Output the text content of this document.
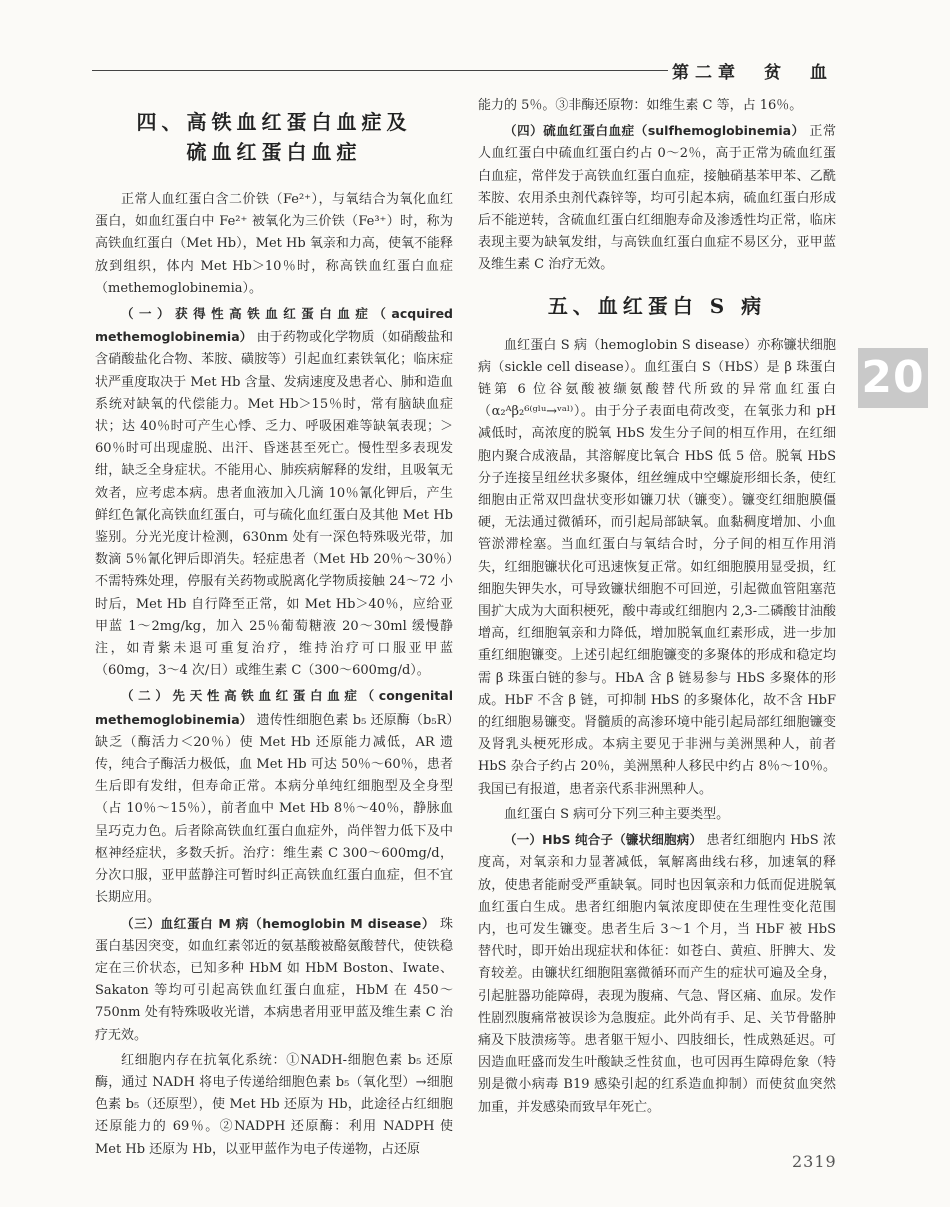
第二章　贫　血
20
四、高铁血红蛋白血症及
硫血红蛋白血症

正常人血红蛋白含二价铁（Fe²⁺），与氧结合为氧化血红蛋白，如血红蛋白中 Fe²⁺ 被氧化为三价铁（Fe³⁺）时，称为高铁血红蛋白（Met Hb），Met Hb 氧亲和力高，使氧不能释放到组织，体内 Met Hb＞10％时，称高铁血红蛋白血症（methemoglobinemia）。

（一）获得性高铁血红蛋白血症（acquired methemoglobinemia） 由于药物或化学物质（如硝酸盐和含硝酸盐化合物、苯胺、磺胺等）引起血红素铁氧化；临床症状严重度取决于 Met Hb 含量、发病速度及患者心、肺和造血系统对缺氧的代偿能力。Met Hb＞15％时，常有脑缺血症状；达 40％时可产生心悸、乏力、呼吸困难等缺氧表现；＞60％时可出现虚脱、出汗、昏迷甚至死亡。慢性型多表现发绀，缺乏全身症状。不能用心、肺疾病解释的发绀，且吸氧无效者，应考虑本病。患者血液加入几滴 10％氰化钾后，产生鲜红色氰化高铁血红蛋白，可与硫化血红蛋白及其他 Met Hb 鉴别。分光光度计检测，630nm 处有一深色特殊吸光带，加数滴 5％氰化钾后即消失。轻症患者（Met Hb 20％～30％）不需特殊处理，停服有关药物或脱离化学物质接触 24～72 小时后，Met Hb 自行降至正常，如 Met Hb＞40％，应给亚甲蓝 1～2mg/kg，加入 25％葡萄糖液 20～30ml 缓慢静注，如青紫未退可重复治疗，维持治疗可口服亚甲蓝（60mg，3～4 次/日）或维生素 C（300～600mg/d）。

（二）先天性高铁血红蛋白血症（congenital methemoglobinemia） 遗传性细胞色素 b₅ 还原酶（b₅R）缺乏（酶活力＜20％）使 Met Hb 还原能力减低，AR 遗传，纯合子酶活力极低，血 Met Hb 可达 50％～60％，患者生后即有发绀，但寿命正常。本病分单纯红细胞型及全身型（占 10％～15％），前者血中 Met Hb 8％～40％，静脉血呈巧克力色。后者除高铁血红蛋白血症外，尚伴智力低下及中枢神经症状，多数夭折。治疗：维生素 C 300～600mg/d，分次口服，亚甲蓝静注可暂时纠正高铁血红蛋白血症，但不宜长期应用。

（三）血红蛋白 M 病（hemoglobin M disease） 珠蛋白基因突变，如血红素邻近的氨基酸被酪氨酸替代，使铁稳定在三价状态，已知多种 HbM 如 HbM Boston、Iwate、Sakaton 等均可引起高铁血红蛋白血症，HbM 在 450～750nm 处有特殊吸收光谱，本病患者用亚甲蓝及维生素 C 治疗无效。

红细胞内存在抗氧化系统：①NADH-细胞色素 b₅ 还原酶，通过 NADH 将电子传递给细胞色素 b₅（氧化型）→细胞色素 b₅（还原型），使 Met Hb 还原为 Hb，此途径占红细胞还原能力的 69％。②NADPH 还原酶：利用 NADPH 使 Met Hb 还原为 Hb，以亚甲蓝作为电子传递物，占还原

能力的 5％。③非酶还原物：如维生素 C 等，占 16％。

（四）硫血红蛋白血症（sulfhemoglobinemia） 正常人血红蛋白中硫血红蛋白约占 0～2％，高于正常为硫血红蛋白血症，常伴发于高铁血红蛋白血症，接触硝基苯甲苯、乙酰苯胺、农用杀虫剂代森锌等，均可引起本病，硫血红蛋白形成后不能逆转，含硫血红蛋白红细胞寿命及渗透性均正常，临床表现主要为缺氧发绀，与高铁血红蛋白血症不易区分，亚甲蓝及维生素 C 治疗无效。

五、血红蛋白 S 病

血红蛋白 S 病（hemoglobin S disease）亦称镰状细胞病（sickle cell disease）。血红蛋白 S（HbS）是 β 珠蛋白链第 6 位谷氨酸被缬氨酸替代所致的异常血红蛋白（α₂ᴬβ₂⁶⁽ᵍˡᵘ→ᵛᵃˡ⁾）。由于分子表面电荷改变，在氧张力和 pH 减低时，高浓度的脱氧 HbS 发生分子间的相互作用，在红细胞内聚合成液晶，其溶解度比氧合 HbS 低 5 倍。脱氧 HbS 分子连接呈纽丝状多聚体，纽丝缠成中空螺旋形细长条，使红细胞由正常双凹盘状变形如镰刀状（镰变）。镰变红细胞膜僵硬，无法通过微循环，而引起局部缺氧。血黏稠度增加、小血管淤滞栓塞。当血红蛋白与氧结合时，分子间的相互作用消失，红细胞镰状化可迅速恢复正常。如红细胞膜用显受损，红细胞失钾失水，可导致镰状细胞不可回逆，引起微血管阻塞范围扩大成为大面积梗死，酸中毒或红细胞内 2,3-二磷酸甘油酸增高，红细胞氧亲和力降低，增加脱氧血红素形成，进一步加重红细胞镰变。上述引起红细胞镰变的多聚体的形成和稳定均需 β 珠蛋白链的参与。HbA 含 β 链易参与 HbS 多聚体的形成。HbF 不含 β 链，可抑制 HbS 的多聚体化，故不含 HbF 的红细胞易镰变。肾髓质的高渗环境中能引起局部红细胞镰变及肾乳头梗死形成。本病主要见于非洲与美洲黑种人，前者 HbS 杂合子约占 20％，美洲黑种人移民中约占 8％～10％。我国已有报道，患者亲代系非洲黑种人。

血红蛋白 S 病可分下列三种主要类型。

（一）HbS 纯合子（镰状细胞病） 患者红细胞内 HbS 浓度高，对氧亲和力显著减低，氧解离曲线右移，加速氧的释放，使患者能耐受严重缺氧。同时也因氧亲和力低而促进脱氧血红蛋白生成。患者红细胞内氧浓度即使在生理性变化范围内，也可发生镰变。患者生后 3～1 个月，当 HbF 被 HbS 替代时，即开始出现症状和体征：如苍白、黄疸、肝脾大、发育较差。由镰状红细胞阻塞微循环而产生的症状可遍及全身，引起脏器功能障碍，表现为腹痛、气急、肾区痛、血尿。发作性剧烈腹痛常被误诊为急腹症。此外尚有手、足、关节骨骼肿痛及下肢溃疡等。患者躯干短小、四肢细长，性成熟延迟。可因造血旺盛而发生叶酸缺乏性贫血，也可因再生障碍危象（特别是微小病毒 B19 感染引起的红系造血抑制）而使贫血突然加重，并发感染而致早年死亡。

2319
